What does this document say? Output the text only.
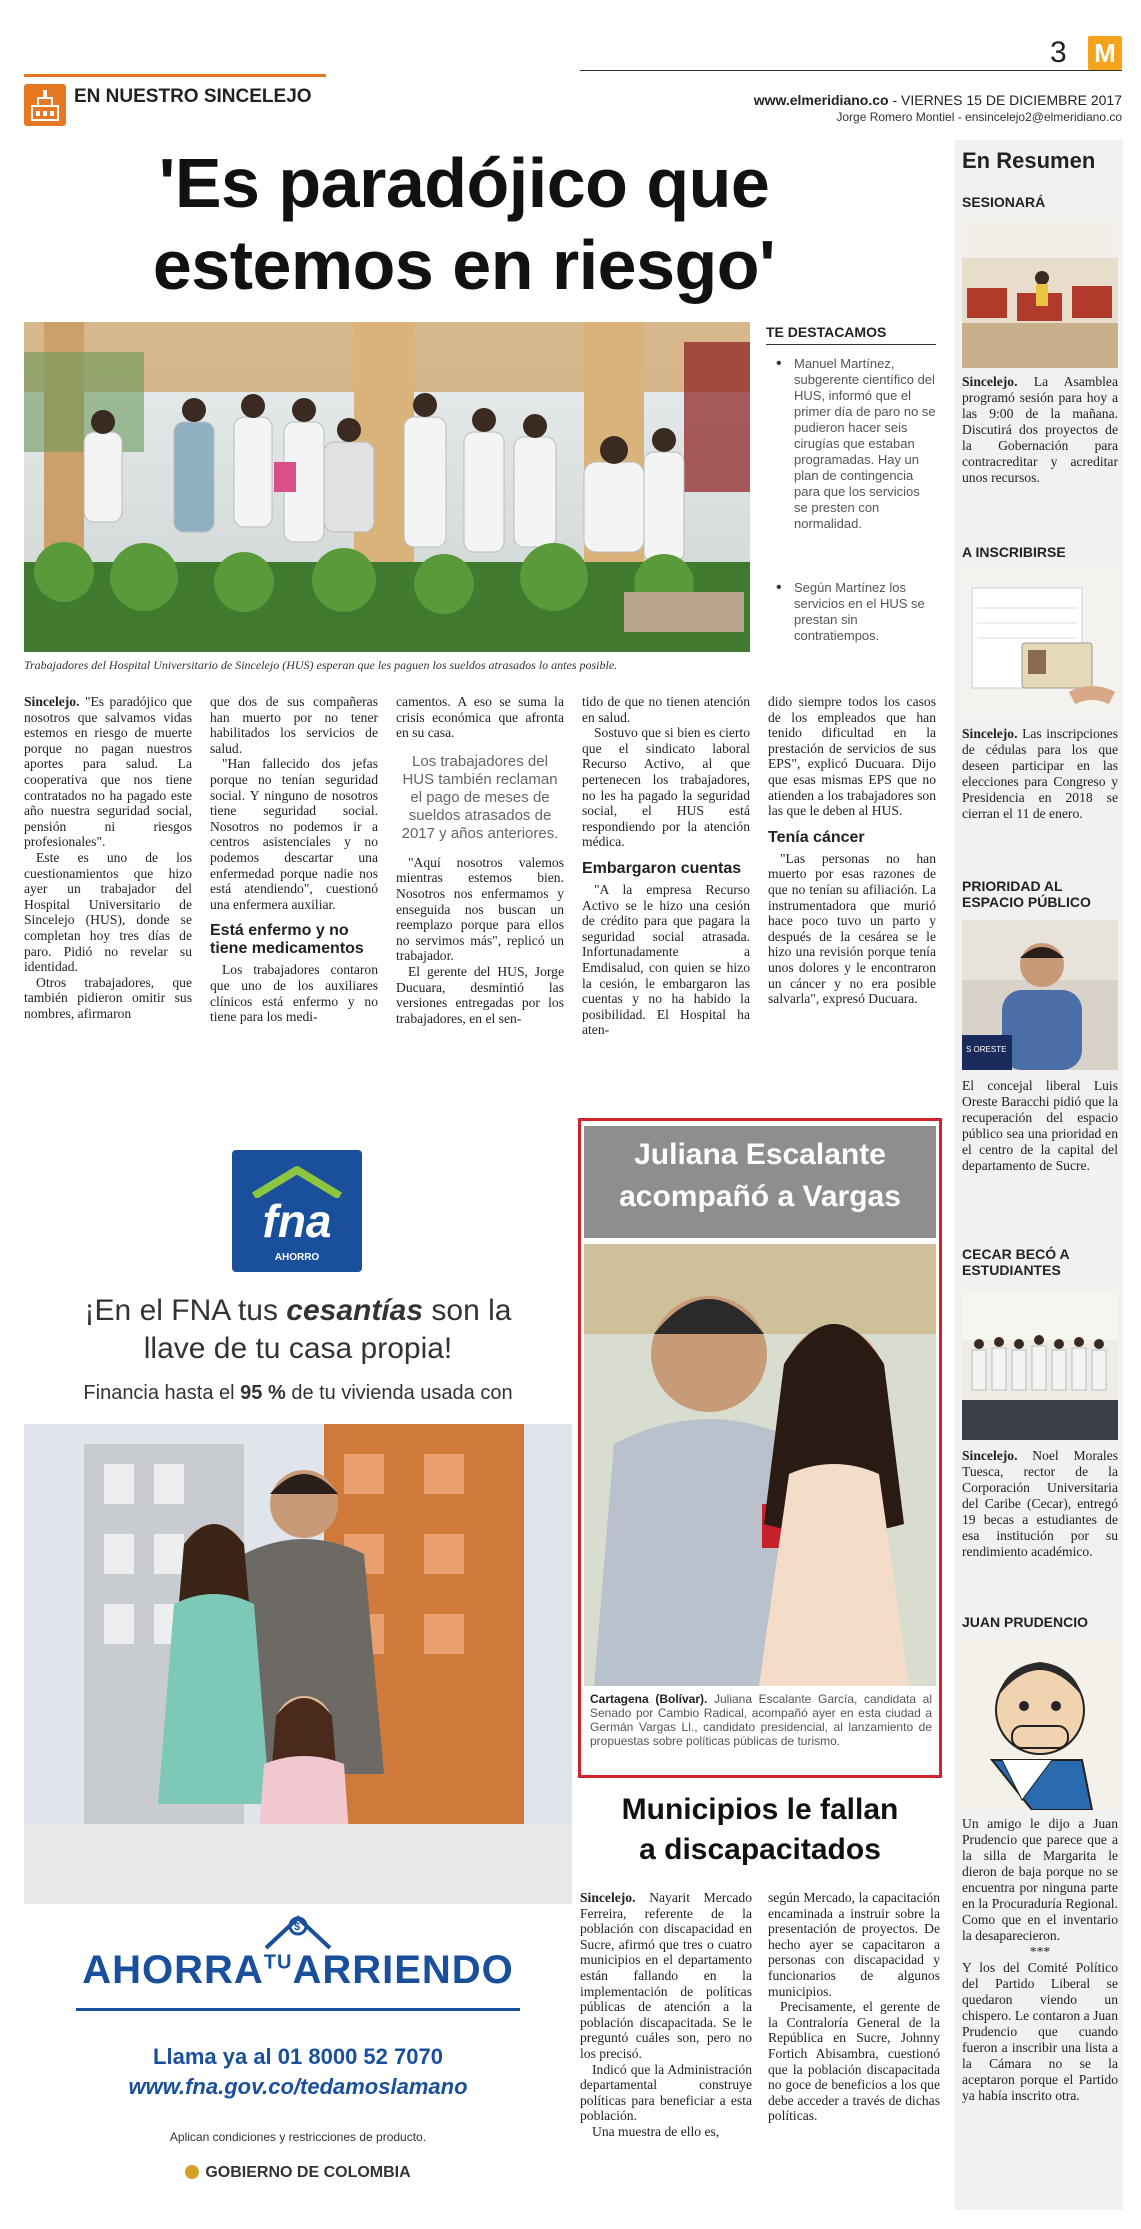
EN NUESTRO SINCELEJO
3 M
www.elmeridiano.co - VIERNES 15 DE DICIEMBRE 2017
Jorge Romero Montiel - ensincelejo2@elmeridiano.co
'Es paradójico que
estemos en riesgo'
Trabajadores del Hospital Universitario de Sincelejo (HUS) esperan que les paguen los sueldos atrasados lo antes posible.
TE DESTACAMOS
• Manuel Martínez, subgerente científico del HUS, informó que el primer día de paro no se pudieron hacer seis cirugías que estaban programadas. Hay un plan de contingencia para que los servicios se presten con normalidad.
• Según Martínez los servicios en el HUS se prestan sin contratiempos.

Sincelejo. "Es paradójico que nosotros que salvamos vidas estemos en riesgo de muerte porque no pagan nuestros aportes para salud. La cooperativa que nos tiene contratados no ha pagado este año nuestra seguridad social, pensión ni riesgos profesionales".

Este es uno de los cuestionamientos que hizo ayer un trabajador del Hospital Universitario de Sincelejo (HUS), donde se completan hoy tres días de paro. Pidió no revelar su identidad.

Otros trabajadores, que también pidieron omitir sus nombres, afirmaron

que dos de sus compañeras han muerto por no tener habilitados los servicios de salud.

"Han fallecido dos jefas porque no tenían seguridad social. Y ninguno de nosotros tiene seguridad social. Nosotros no podemos ir a centros asistenciales y no podemos descartar una enfermedad porque nadie nos está atendiendo", cuestionó una enfermera auxiliar.

Está enfermo y no tiene medicamentos

Los trabajadores contaron que uno de los auxiliares clínicos está enfermo y no tiene para los medi-

camentos. A eso se suma la crisis económica que afronta en su casa.

Los trabajadores del HUS también reclaman el pago de meses de sueldos atrasados de 2017 y años anteriores.

"Aquí nosotros valemos mientras estemos bien. Nosotros nos enfermamos y enseguida nos buscan un reemplazo porque para ellos no servimos más", replicó un trabajador.

El gerente del HUS, Jorge Ducuara, desmintió las versiones entregadas por los trabajadores, en el sen-

tido de que no tienen atención en salud.

Sostuvo que si bien es cierto que el sindicato laboral Recurso Activo, al que pertenecen los trabajadores, no les ha pagado la seguridad social, el HUS está respondiendo por la atención médica.

Embargaron cuentas

"A la empresa Recurso Activo se le hizo una cesión de crédito para que pagara la seguridad social atrasada. Infortunadamente a Emdisalud, con quien se hizo la cesión, le embargaron las cuentas y no ha habido la posibilidad. El Hospital ha aten-

dido siempre todos los casos de los empleados que han tenido dificultad en la prestación de servicios de sus EPS", explicó Ducuara. Dijo que esas mismas EPS que no atienden a los trabajadores son las que le deben al HUS.

Tenía cáncer

"Las personas no han muerto por esas razones de que no tenían su afiliación. La instrumentadora que murió hace poco tuvo un parto y después de la cesárea se le hizo una revisión porque tenía unos dolores y le encontraron un cáncer y no era posible salvarla", expresó Ducuara.

En Resumen
SESIONARÁ
Sincelejo. La Asamblea programó sesión para hoy a las 9:00 de la mañana. Discutirá dos proyectos de la Gobernación para contracreditar y acreditar unos recursos.
A INSCRIBIRSE
Sincelejo. Las inscripciones de cédulas para los que deseen participar en las elecciones para Congreso y Presidencia en 2018 se cierran el 11 de enero.
PRIORIDAD AL ESPACIO PÚBLICO
S ORESTE
El concejal liberal Luis Oreste Baracchi pidió que la recuperación del espacio público sea una prioridad en el centro de la capital del departamento de Sucre.
CECAR BECÓ A ESTUDIANTES
Sincelejo. Noel Morales Tuesca, rector de la Corporación Universitaria del Caribe (Cecar), entregó 19 becas a estudiantes de esa institución por su rendimiento académico.
JUAN PRUDENCIO
Un amigo le dijo a Juan Prudencio que parece que a la silla de Margarita le dieron de baja porque no se encuentra por ninguna parte en la Procuraduría Regional. Como que en el inventario la desaparecieron.
***
Y los del Comité Político del Partido Liberal se quedaron viendo un chispero. Le contaron a Juan Prudencio que cuando fueron a inscribir una lista a la Cámara no se la aceptaron porque el Partido ya había inscrito otra.
fna
AHORRO
¡En el FNA tus cesantías son la
llave de tu casa propia!
Financia hasta el 95 % de tu vivienda usada con
$
$AHORRA^{TU}ARRIENDO$
Llama ya al 01 8000 52 7070
www.fna.gov.co/tedamoslamano
Aplican condiciones y restricciones de producto.
GOBIERNO DE COLOMBIA
Juliana Escalante
acompañó a Vargas
Cartagena (Bolívar). Juliana Escalante García, candidata al Senado por Cambio Radical, acompañó ayer en esta ciudad a Germán Vargas Ll., candidato presidencial, al lanzamiento de propuestas sobre políticas públicas de turismo.
Municipios le fallan
a discapacitados

Sincelejo. Nayarit Mercado Ferreira, referente de la población con discapacidad en Sucre, afirmó que tres o cuatro municipios en el departamento están fallando en la implementación de políticas públicas de atención a la población discapacitada. Se le preguntó cuáles son, pero no los precisó.

Indicó que la Administración departamental construye políticas para beneficiar a esta población.

Una muestra de ello es,

según Mercado, la capacitación encaminada a instruir sobre la presentación de proyectos. De hecho ayer se capacitaron a personas con discapacidad y funcionarios de algunos municipios.

Precisamente, el gerente de la Contraloría General de la República en Sucre, Johnny Fortich Abisambra, cuestionó que la población discapacitada no goce de beneficios a los que debe acceder a través de dichas políticas.
